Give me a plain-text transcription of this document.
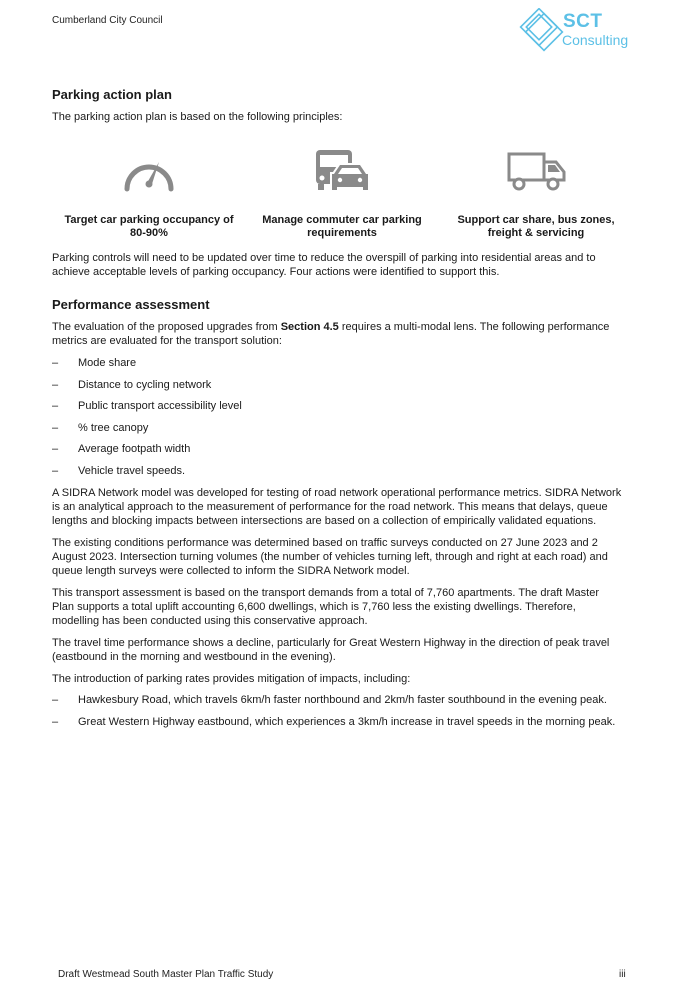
Cumberland City Council	SCT
Consulting
Parking action plan

The parking action plan is based on the following principles:

Target car parking occupancy of
80-90%
Manage commuter car parking
requirements
Support car share, bus zones,
freight & servicing

Parking controls will need to be updated over time to reduce the overspill of parking into residential areas and to
achieve acceptable levels of parking occupancy. Four actions were identified to support this.

Performance assessment

The evaluation of the proposed upgrades from Section 4.5 requires a multi-modal lens. The following performance
metrics are evaluated for the transport solution:

– Mode share
– Distance to cycling network
– Public transport accessibility level
– % tree canopy
– Average footpath width
– Vehicle travel speeds.

A SIDRA Network model was developed for testing of road network operational performance metrics. SIDRA Network
is an analytical approach to the measurement of performance for the road network. This means that delays, queue
lengths and blocking impacts between intersections are based on a collection of empirically validated equations.

The existing conditions performance was determined based on traffic surveys conducted on 27 June 2023 and 2
August 2023. Intersection turning volumes (the number of vehicles turning left, through and right at each road) and
queue length surveys were collected to inform the SIDRA Network model.

This transport assessment is based on the transport demands from a total of 7,760 apartments. The draft Master
Plan supports a total uplift accounting 6,600 dwellings, which is 7,760 less the existing dwellings. Therefore,
modelling has been conducted using this conservative approach.

The travel time performance shows a decline, particularly for Great Western Highway in the direction of peak travel
(eastbound in the morning and westbound in the evening).

The introduction of parking rates provides mitigation of impacts, including:

– Hawkesbury Road, which travels 6km/h faster northbound and 2km/h faster southbound in the evening peak.
– Great Western Highway eastbound, which experiences a 3km/h increase in travel speeds in the morning peak.
Draft Westmead South Master Plan Traffic Study	iii
